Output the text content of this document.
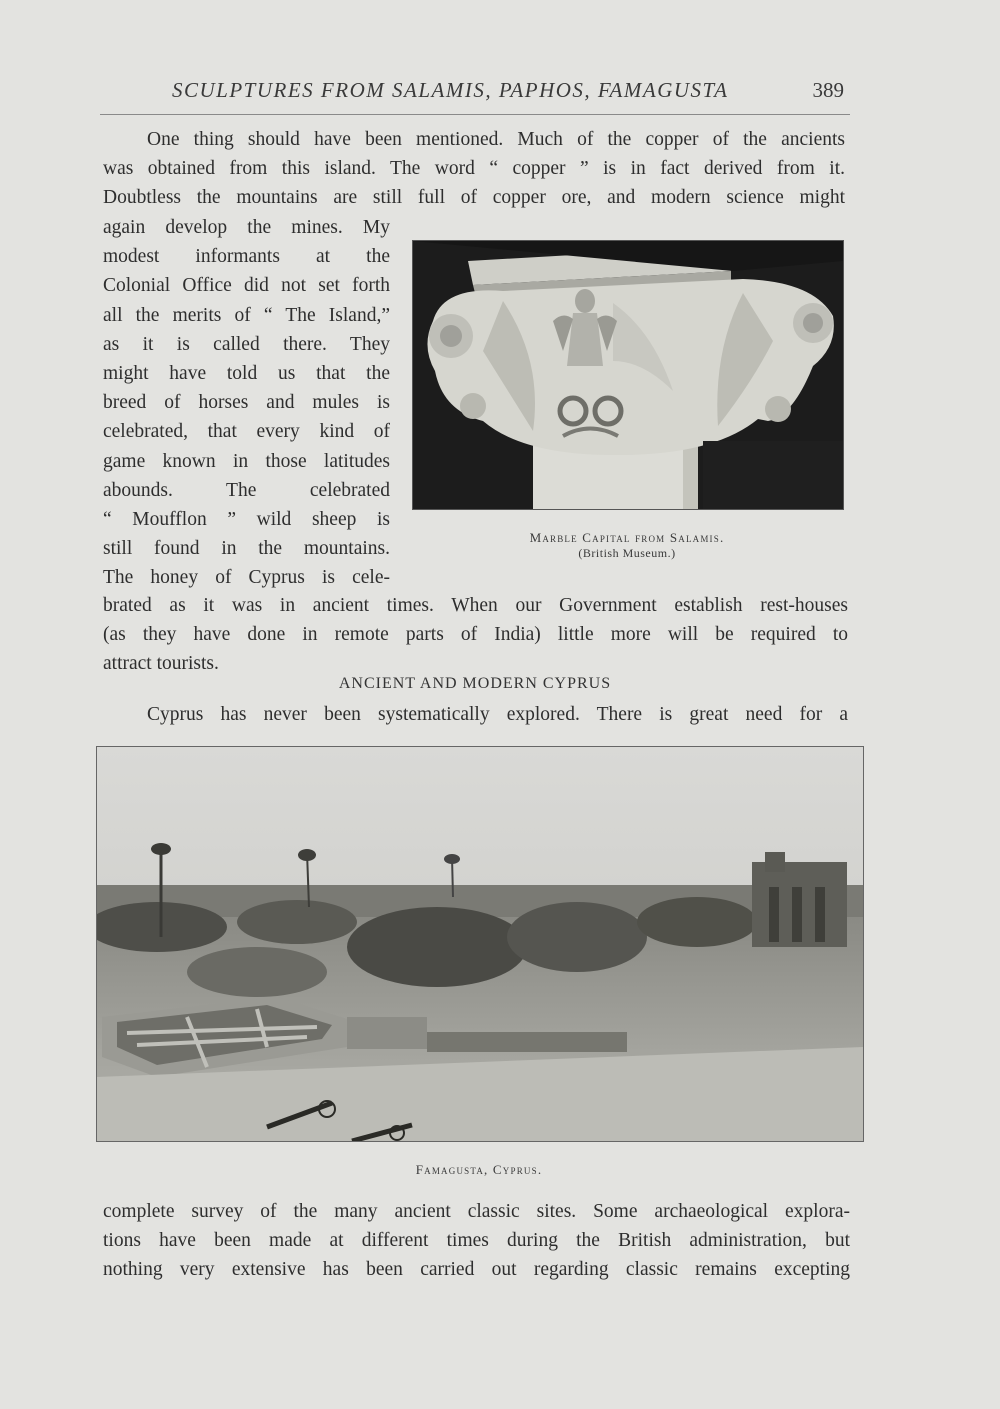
SCULPTURES FROM SALAMIS, PAPHOS, FAMAGUSTA	389
One thing should have been mentioned. Much of the copper of the ancients
was obtained from this island. The word “ copper ” is in fact derived from it.
Doubtless the mountains are still full of copper ore, and modern science might
again develop the mines. My
modest informants at the
Colonial Office did not set forth
all the merits of “ The Island,”
as it is called there. They
might have told us that the
breed of horses and mules is
celebrated, that every kind of
game known in those latitudes
abounds. The celebrated
“ Moufflon ” wild sheep is
still found in the mountains.
The honey of Cyprus is cele-
Marble Capital from Salamis.
(British Museum.)
brated as it was in ancient times. When our Government establish rest-houses
(as they have done in remote parts of India) little more will be required to
attract tourists.
ANCIENT AND MODERN CYPRUS
Cyprus has never been systematically explored. There is great need for a
Famagusta, Cyprus.
complete survey of the many ancient classic sites. Some archaeological explora-
tions have been made at different times during the British administration, but
nothing very extensive has been carried out regarding classic remains excepting
